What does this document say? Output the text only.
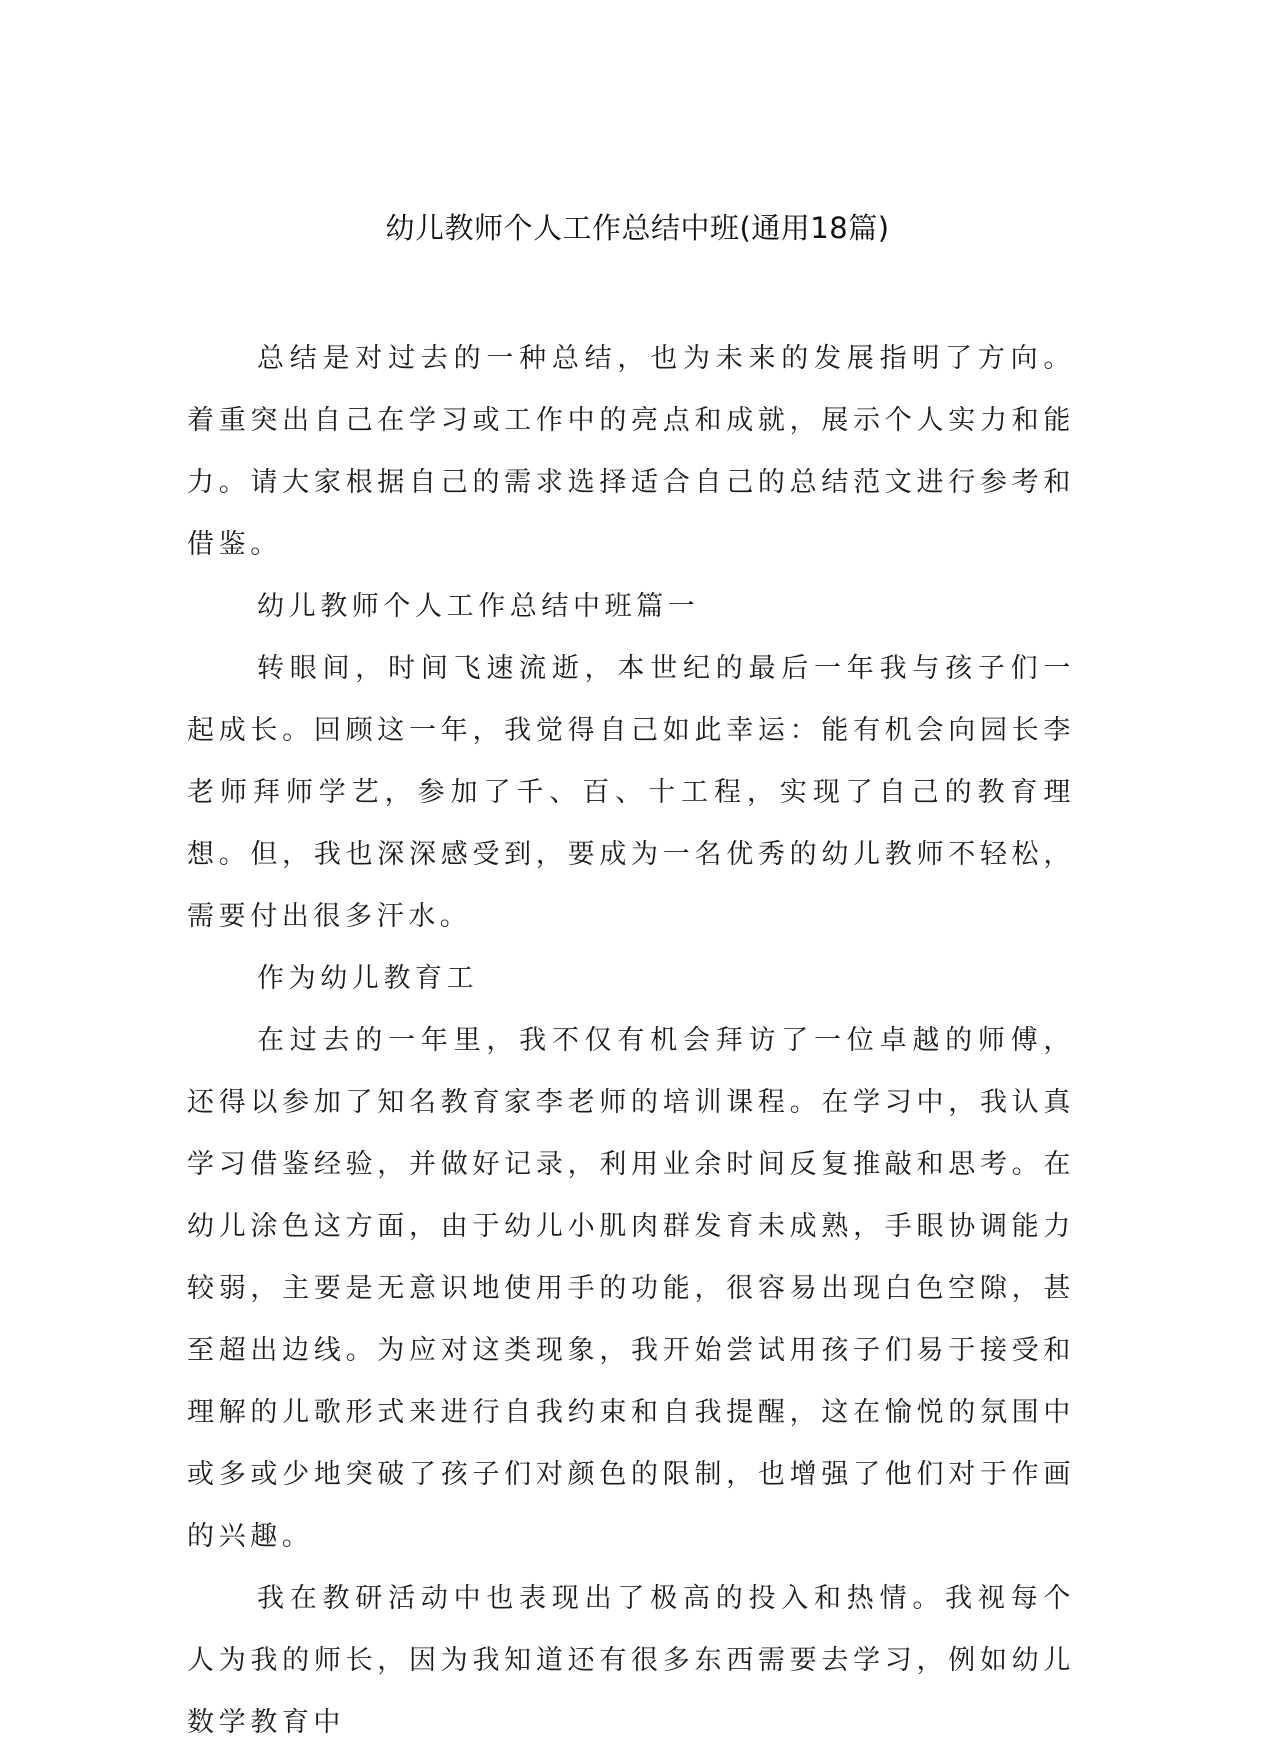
幼儿教师个人工作总结中班(通用18篇)

总结是对过去的一种总结，也为未来的发展指明了方向。着重突出自己在学习或工作中的亮点和成就，展示个人实力和能力。请大家根据自己的需求选择适合自己的总结范文进行参考和借鉴。

幼儿教师个人工作总结中班篇一

转眼间，时间飞速流逝，本世纪的最后一年我与孩子们一起成长。回顾这一年，我觉得自己如此幸运：能有机会向园长李老师拜师学艺，参加了千、百、十工程，实现了自己的教育理想。但，我也深深感受到，要成为一名优秀的幼儿教师不轻松，需要付出很多汗水。

作为幼儿教育工

在过去的一年里，我不仅有机会拜访了一位卓越的师傅，还得以参加了知名教育家李老师的培训课程。在学习中，我认真学习借鉴经验，并做好记录，利用业余时间反复推敲和思考。在幼儿涂色这方面，由于幼儿小肌肉群发育未成熟，手眼协调能力较弱，主要是无意识地使用手的功能，很容易出现白色空隙，甚至超出边线。为应对这类现象，我开始尝试用孩子们易于接受和理解的儿歌形式来进行自我约束和自我提醒，这在愉悦的氛围中或多或少地突破了孩子们对颜色的限制，也增强了他们对于作画的兴趣。

我在教研活动中也表现出了极高的投入和热情。我视每个人为我的师长，因为我知道还有很多东西需要去学习，例如幼儿数学教育中
